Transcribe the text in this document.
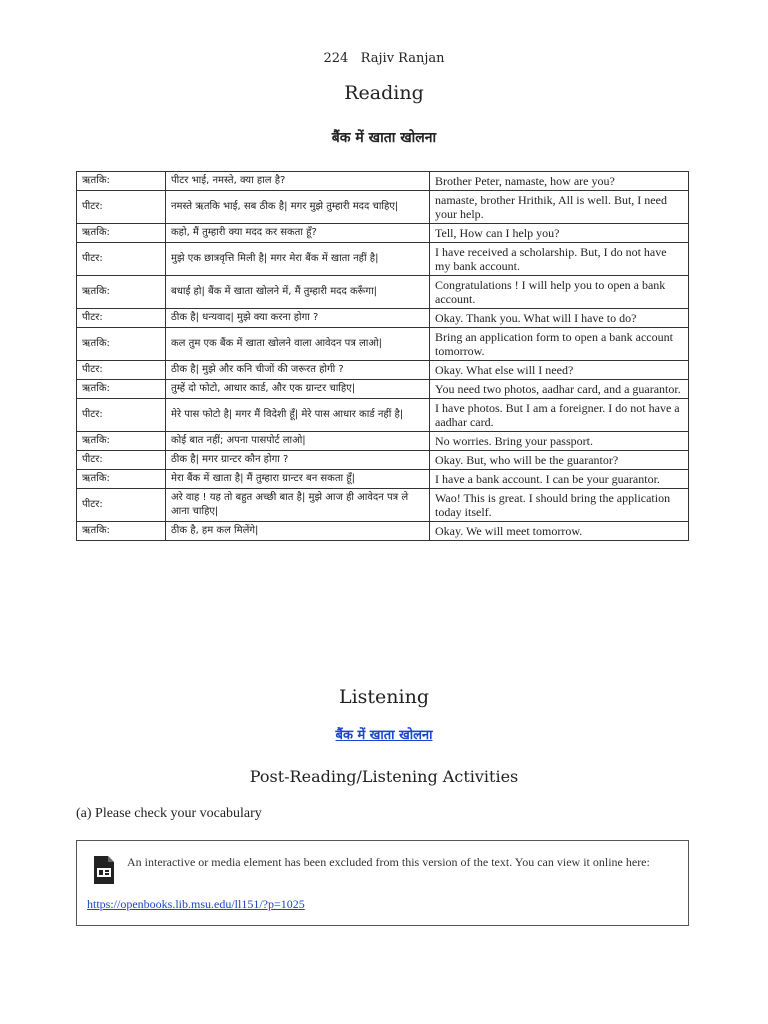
224 Rajiv Ranjan
Reading
बैंक में खाता खोलना
ऋतकि:	पीटर भाई, नमस्ते, क्या हाल है?	Brother Peter, namaste, how are you?
पीटर:	नमस्ते ऋतकि भाई, सब ठीक है| मगर मुझे तुम्हारी मदद चाहिए|	namaste, brother Hrithik, All is well. But, I need your help.
ऋतकि:	कहो, मैं तुम्हारी क्या मदद कर सकता हूँ?	Tell, How can I help you?
पीटर:	मुझे एक छात्रवृत्ति मिली है| मगर मेरा बैंक में खाता नहीं है|	I have received a scholarship. But, I do not have my bank account.
ऋतकि:	बधाई हो| बैंक में खाता खोलने में, मैं तुम्हारी मदद करूँगा|	Congratulations ! I will help you to open a bank account.
पीटर:	ठीक है| धन्यवाद| मुझे क्या करना होगा ?	Okay. Thank you. What will I have to do?
ऋतकि:	कल तुम एक बैंक में खाता खोलने वाला आवेदन पत्र लाओ|	Bring an application form to open a bank account tomorrow.
पीटर:	ठीक है| मुझे और कनि चीजों की जरूरत होगी ?	Okay. What else will I need?
ऋतकि:	तुम्हें दो फोटो, आधार कार्ड, और एक ग्रान्टर चाहिए|	You need two photos, aadhar card, and a guarantor.
पीटर:	मेरे पास फोटो है| मगर मैं विदेशी हूँ| मेरे पास आधार कार्ड नहीं है|	I have photos. But I am a foreigner. I do not have a aadhar card.
ऋतकि:	कोई बात नहीं; अपना पासपोर्ट लाओ|	No worries. Bring your passport.
पीटर:	ठीक है| मगर ग्रान्टर कौन होगा ?	Okay. But, who will be the guarantor?
ऋतकि:	मेरा बैंक में खाता है| मैं तुम्हारा ग्रान्टर बन सकता हूँ|	I have a bank account. I can be your guarantor.
पीटर:	अरे वाह ! यह तो बहुत अच्छी बात है| मुझे आज ही आवेदन पत्र ले आना चाहिए|	Wao! This is great. I should bring the application today itself.
ऋतकि:	ठीक है, हम कल मिलेंगे|	Okay. We will meet tomorrow.
Listening
बैंक में खाता खोलना
Post-Reading/Listening Activities
(a) Please check your vocabulary
An interactive or media element has been excluded from this version of the text. You can view it online here:
https://openbooks.lib.msu.edu/ll151/?p=1025
